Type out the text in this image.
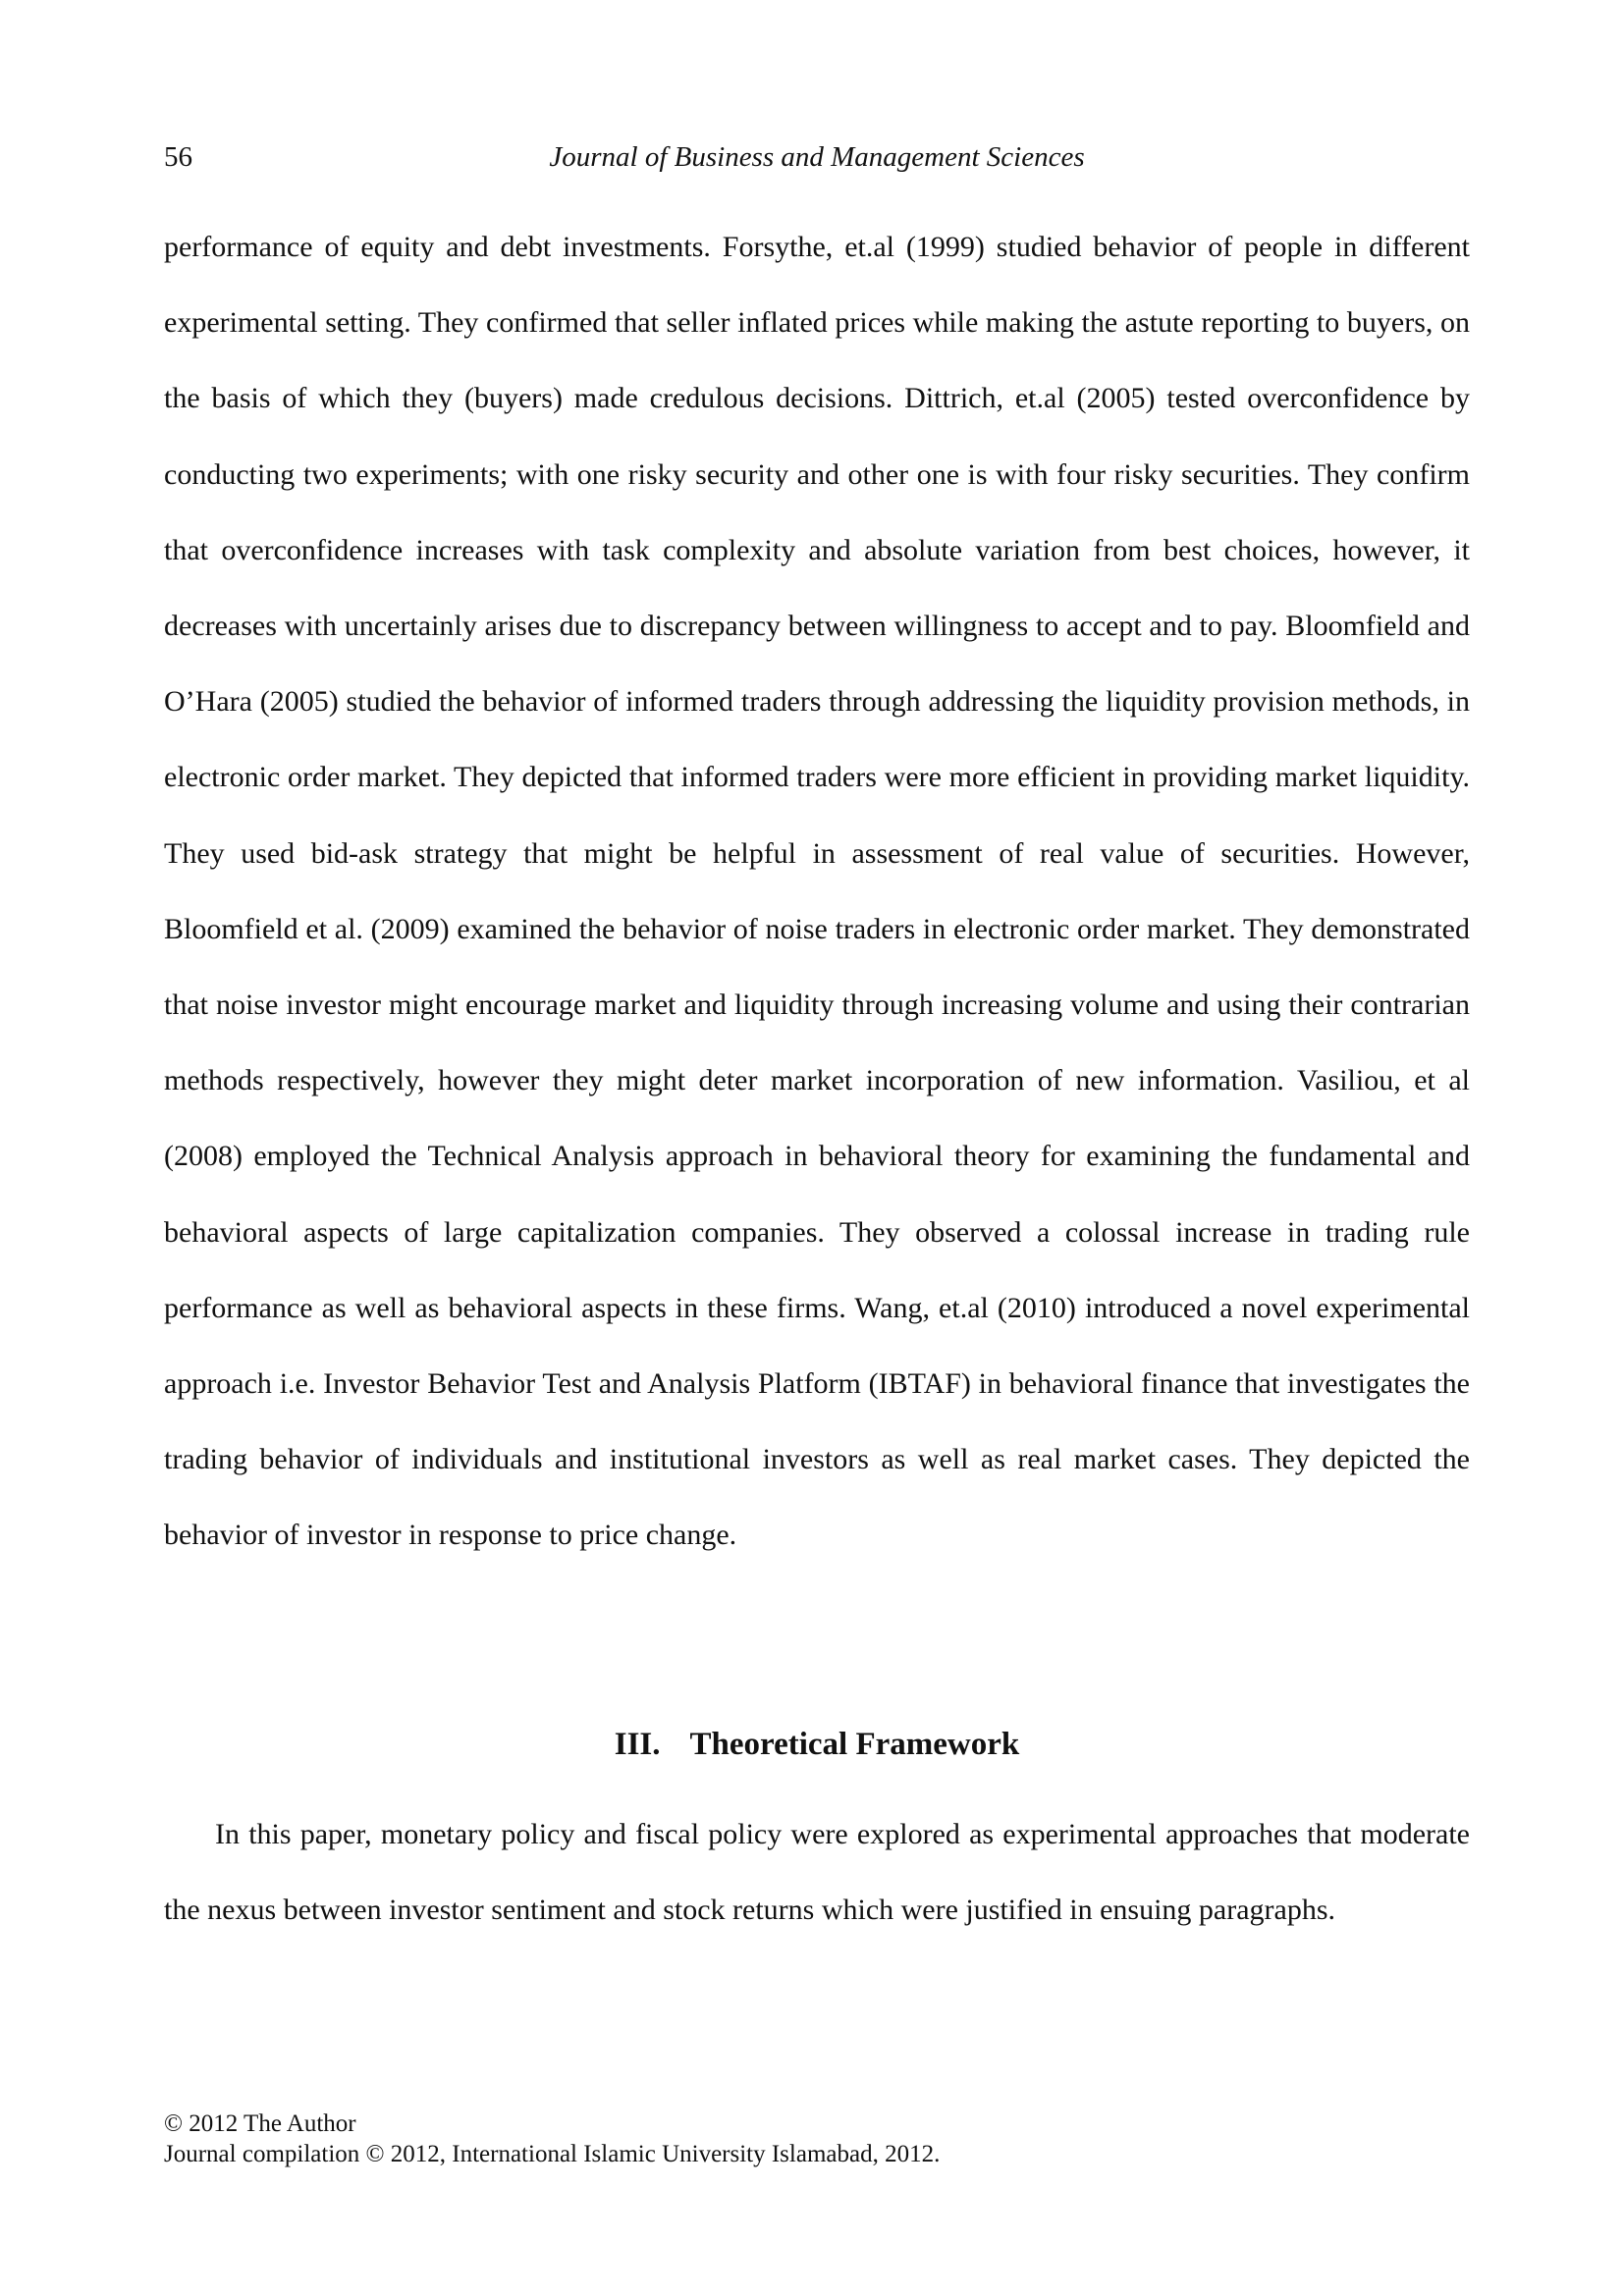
56	Journal of Business and Management Sciences

performance of equity and debt investments. Forsythe, et.al (1999) studied behavior of people in different experimental setting. They confirmed that seller inflated prices while making the astute reporting to buyers, on the basis of which they (buyers) made credulous decisions. Dittrich, et.al (2005) tested overconfidence by conducting two experiments; with one risky security and other one is with four risky securities. They confirm that overconfidence increases with task complexity and absolute variation from best choices, however, it decreases with uncertainly arises due to discrepancy between willingness to accept and to pay. Bloomfield and O’Hara (2005) studied the behavior of informed traders through addressing the liquidity provision methods, in electronic order market. They depicted that informed traders were more efficient in providing market liquidity. They used bid-ask strategy that might be helpful in assessment of real value of securities. However, Bloomfield et al. (2009) examined the behavior of noise traders in electronic order market. They demonstrated that noise investor might encourage market and liquidity through increasing volume and using their contrarian methods respectively, however they might deter market incorporation of new information. Vasiliou, et al (2008) employed the Technical Analysis approach in behavioral theory for examining the fundamental and behavioral aspects of large capitalization companies. They observed a colossal increase in trading rule performance as well as behavioral aspects in these firms. Wang, et.al (2010) introduced a novel experimental approach i.e. Investor Behavior Test and Analysis Platform (IBTAF) in behavioral finance that investigates the trading behavior of individuals and institutional investors as well as real market cases. They depicted the behavior of investor in response to price change.

III. Theoretical Framework

In this paper, monetary policy and fiscal policy were explored as experimental approaches that moderate the nexus between investor sentiment and stock returns which were justified in ensuing paragraphs.

© 2012 The Author
Journal compilation © 2012, International Islamic University Islamabad, 2012.
